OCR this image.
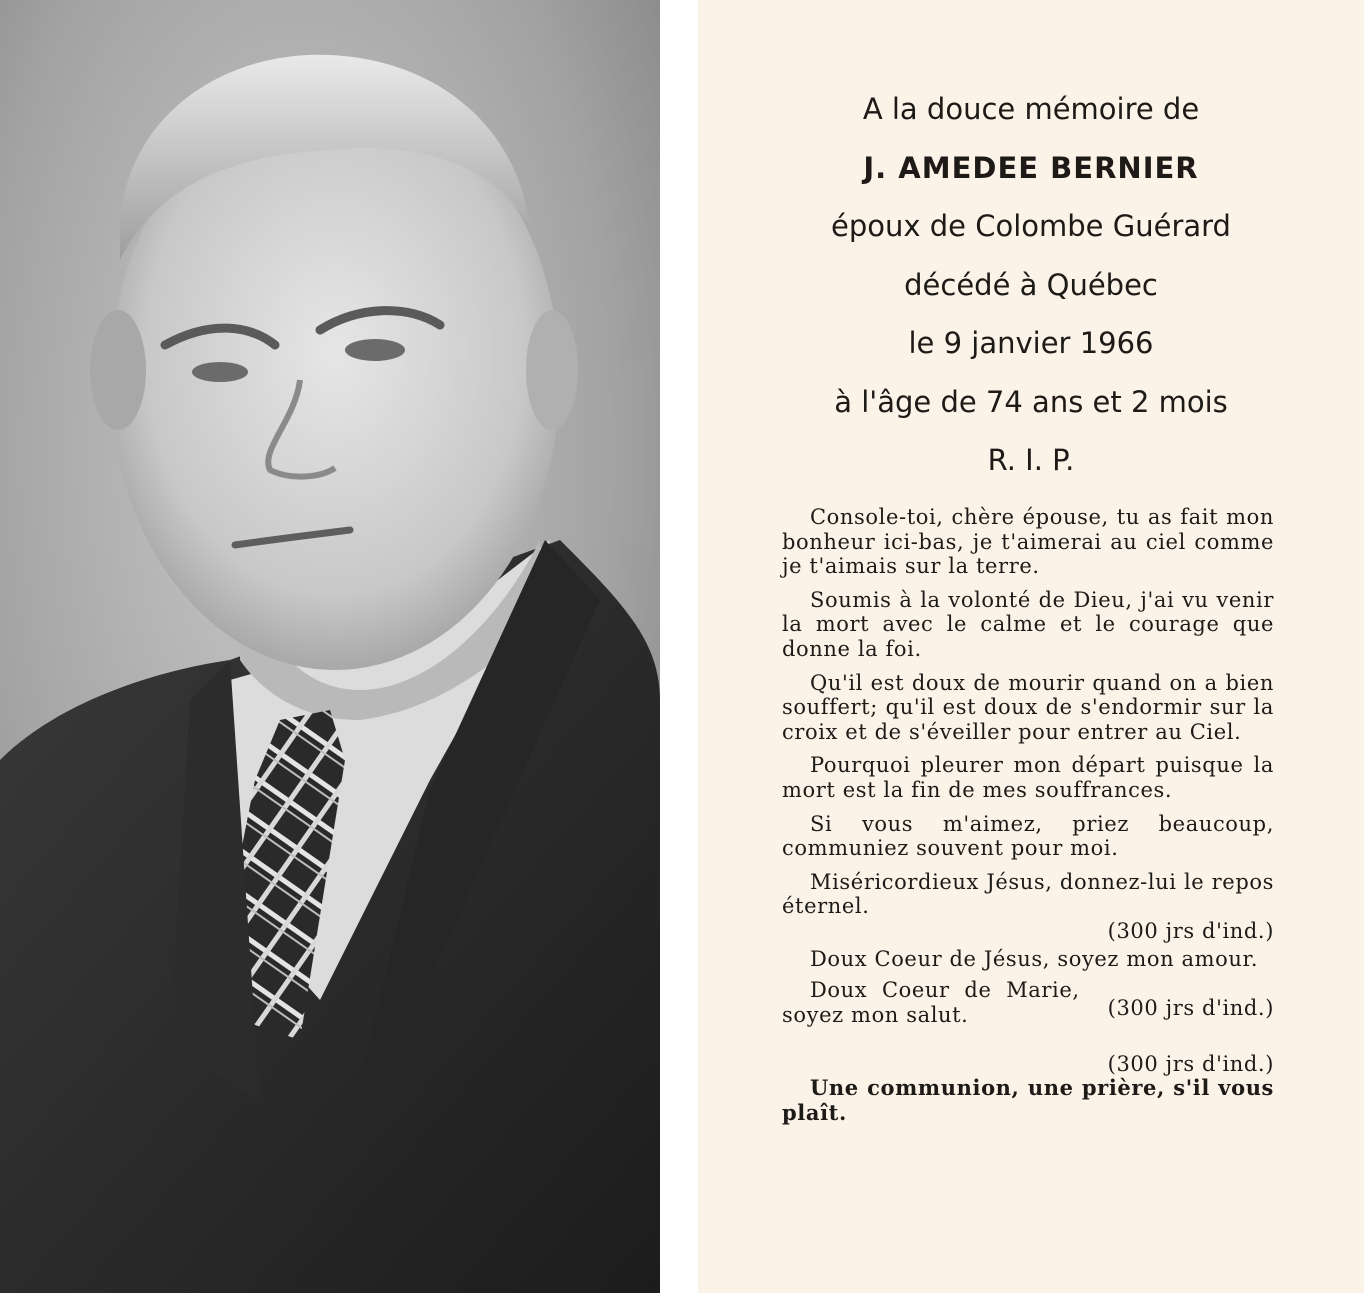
A la douce mémoire de
J. AMEDEE BERNIER
époux de Colombe Guérard
décédé à Québec
le 9 janvier 1966
à l'âge de 74 ans et 2 mois
R. I. P.

Console-toi, chère épouse, tu as fait mon bonheur ici-bas, je t'aimerai au ciel comme je t'aimais sur la terre.

Soumis à la volonté de Dieu, j'ai vu venir la mort avec le calme et le courage que donne la foi.

Qu'il est doux de mourir quand on a bien souffert; qu'il est doux de s'endormir sur la croix et de s'éveiller pour entrer au Ciel.

Pourquoi pleurer mon départ puisque la mort est la fin de mes souffrances.

Si vous m'aimez, priez beaucoup, communiez souvent pour moi.

Miséricordieux Jésus, donnez-lui le repos éternel.
(300 jrs d'ind.)

Doux Coeur de Jésus, soyez mon amour.
(300 jrs d'ind.)

Doux Coeur de Marie, soyez mon salut.
(300 jrs d'ind.)

Une communion, une prière, s'il vous plaît.
